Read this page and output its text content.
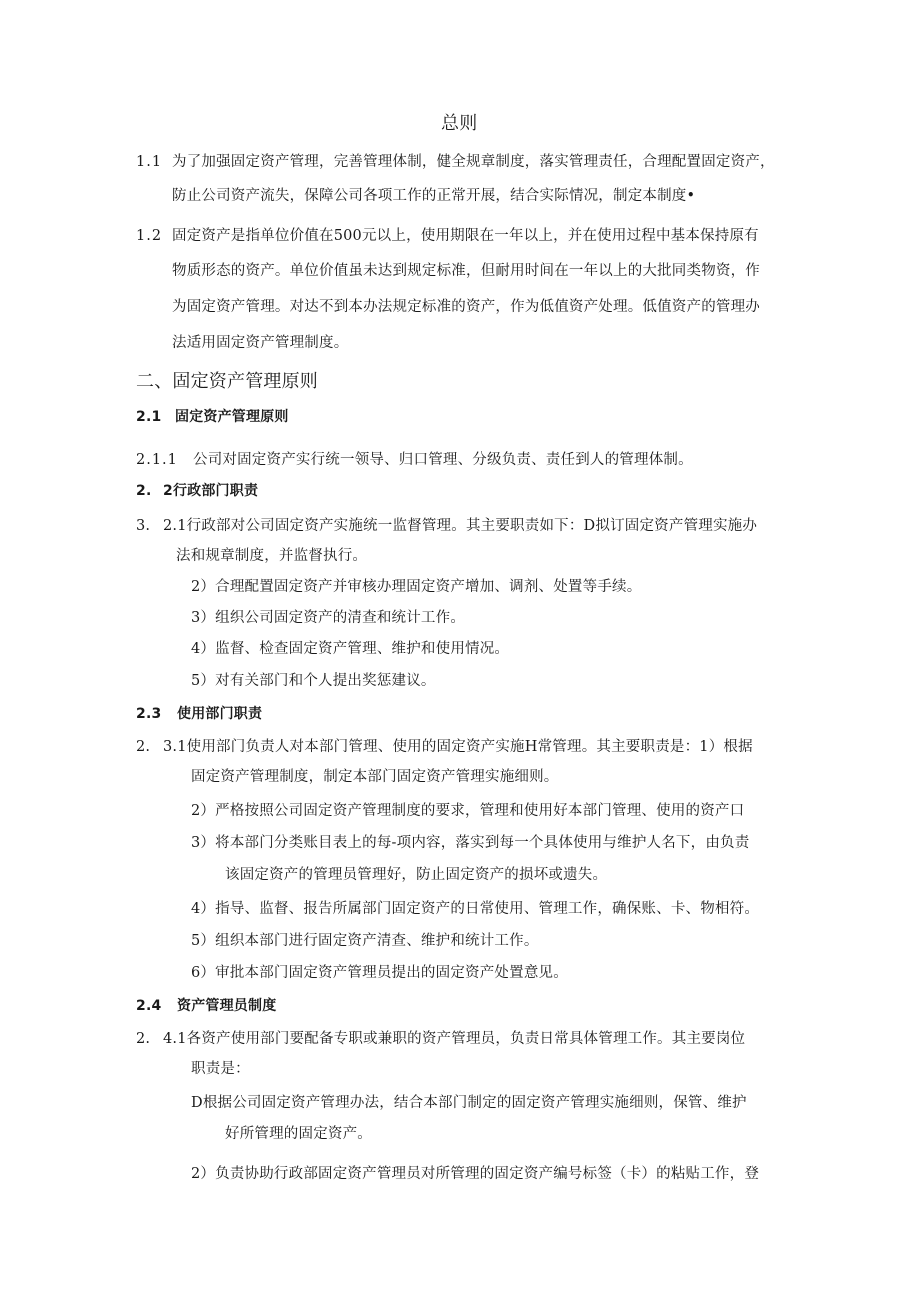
总则
1.1 为了加强固定资产管理，完善管理体制，健全规章制度，落实管理责任，合理配置固定资产，
防止公司资产流失，保障公司各项工作的正常开展，结合实际情况，制定本制度•
1.2 固定资产是指单位价值在500元以上，使用期限在一年以上，并在使用过程中基本保持原有
物质形态的资产。单位价值虽未达到规定标准，但耐用时间在一年以上的大批同类物资，作
为固定资产管理。对达不到本办法规定标准的资产，作为低值资产处理。低值资产的管理办
法适用固定资产管理制度。
二、固定资产管理原则
2.1 固定资产管理原则
2.1.1 公司对固定资产实行统一领导、归口管理、分级负责、责任到人的管理体制。
2. 2行政部门职责
3. 2.1行政部对公司固定资产实施统一监督管理。其主要职责如下：D拟订固定资产管理实施办
法和规章制度，并监督执行。
2）合理配置固定资产并审核办理固定资产增加、调剂、处置等手续。
3）组织公司固定资产的清查和统计工作。
4）监督、检查固定资产管理、维护和使用情况。
5）对有关部门和个人提出奖惩建议。
2.3 使用部门职责
2. 3.1使用部门负责人对本部门管理、使用的固定资产实施H常管理。其主要职责是：1）根据
固定资产管理制度，制定本部门固定资产管理实施细则。
2）严格按照公司固定资产管理制度的要求，管理和使用好本部门管理、使用的资产口
3）将本部门分类账目表上的每-项内容，落实到每一个具体使用与维护人名下，由负责
该固定资产的管理员管理好，防止固定资产的损坏或遗失。
4）指导、监督、报告所属部门固定资产的日常使用、管理工作，确保账、卡、物相符。
5）组织本部门进行固定资产清查、维护和统计工作。
6）审批本部门固定资产管理员提出的固定资产处置意见。
2.4 资产管理员制度
2. 4.1各资产使用部门要配备专职或兼职的资产管理员，负责日常具体管理工作。其主要岗位
职责是：
D根据公司固定资产管理办法，结合本部门制定的固定资产管理实施细则，保管、维护
好所管理的固定资产。
2）负责协助行政部固定资产管理员对所管理的固定资产编号标签（卡）的粘贴工作，登
